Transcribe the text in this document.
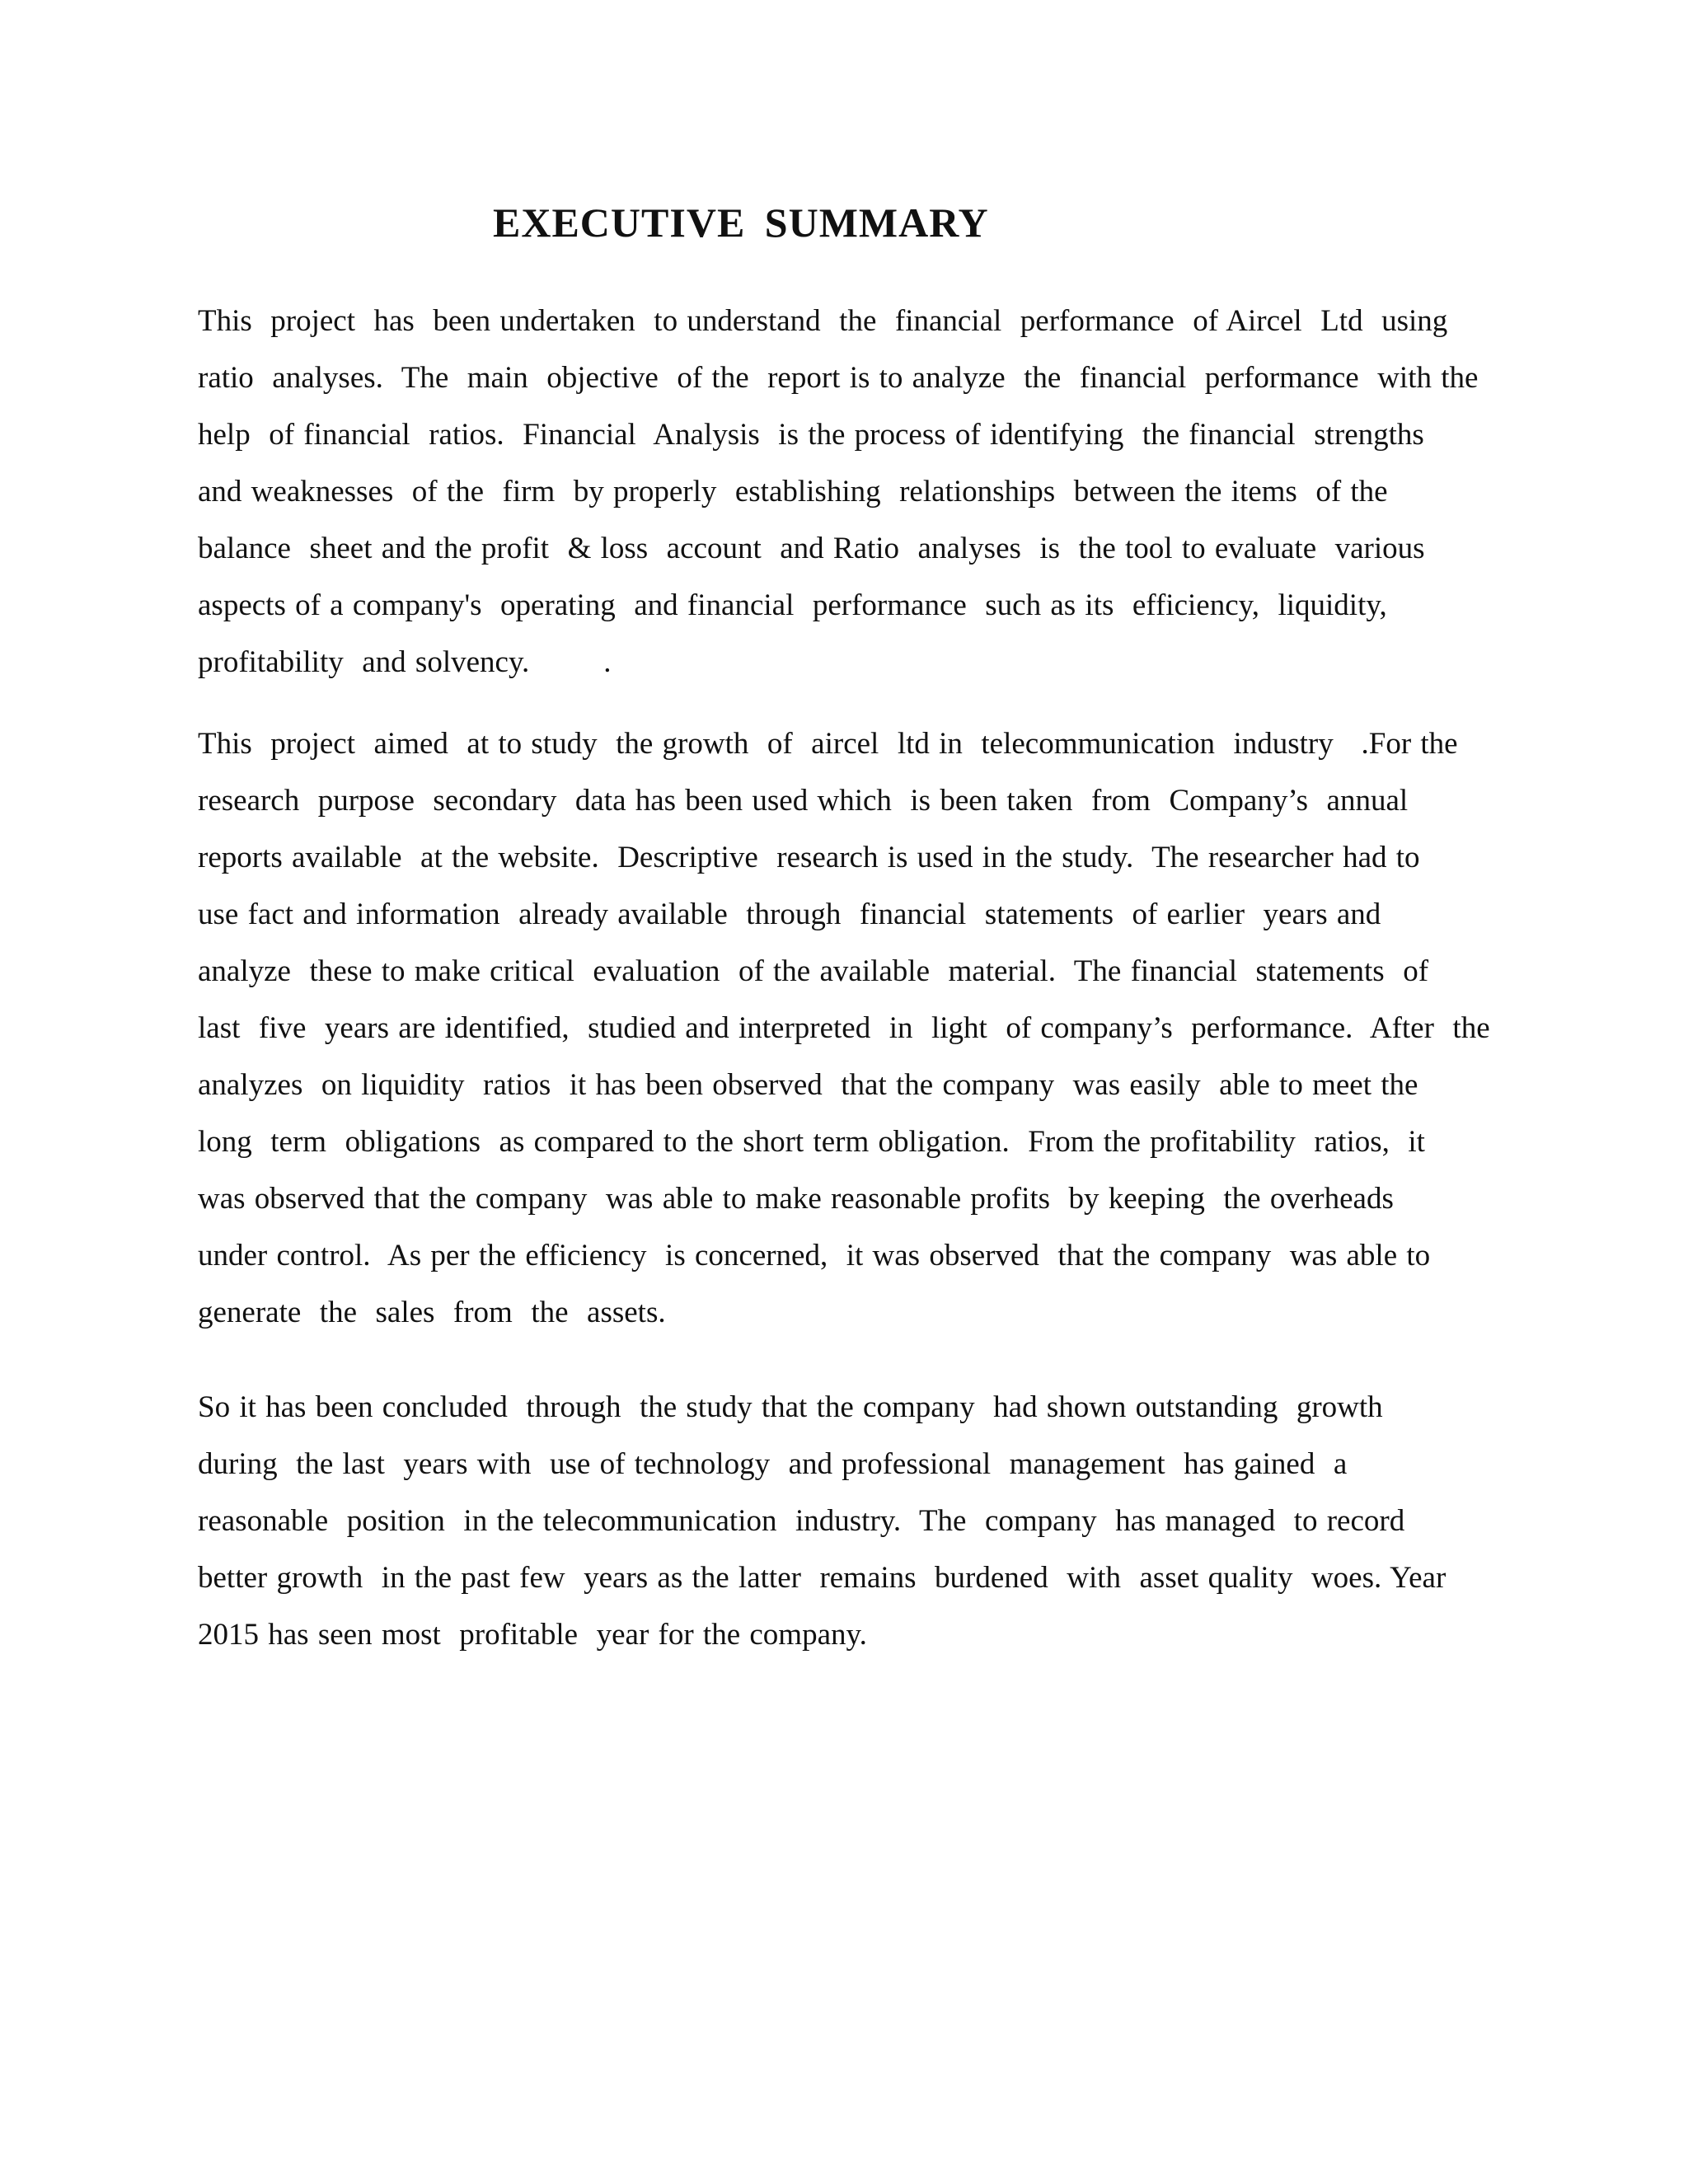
EXECUTIVE SUMMARY
This  project  has  been undertaken  to understand  the  financial  performance  of Aircel  Ltd  using
ratio  analyses.  The  main  objective  of the  report is to analyze  the  financial  performance  with the
help  of financial  ratios.  Financial  Analysis  is the process of identifying  the financial  strengths
and weaknesses  of the  firm  by properly  establishing  relationships  between the items  of the
balance  sheet and the profit  & loss  account  and Ratio  analyses  is  the tool to evaluate  various
aspects of a company's  operating  and financial  performance  such as its  efficiency,  liquidity,
profitability  and solvency.        .
This  project  aimed  at to study  the growth  of  aircel  ltd in  telecommunication  industry   .For the
research  purpose  secondary  data has been used which  is been taken  from  Company’s  annual
reports available  at the website.  Descriptive  research is used in the study.  The researcher had to
use fact and information  already available  through  financial  statements  of earlier  years and
analyze  these to make critical  evaluation  of the available  material.  The financial  statements  of
last  five  years are identified,  studied and interpreted  in  light  of company’s  performance.  After  the
analyzes  on liquidity  ratios  it has been observed  that the company  was easily  able to meet the
long  term  obligations  as compared to the short term obligation.  From the profitability  ratios,  it
was observed that the company  was able to make reasonable profits  by keeping  the overheads
under control.  As per the efficiency  is concerned,  it was observed  that the company  was able to
generate  the  sales  from  the  assets.
So it has been concluded  through  the study that the company  had shown outstanding  growth
during  the last  years with  use of technology  and professional  management  has gained  a
reasonable  position  in the telecommunication  industry.  The  company  has managed  to record
better growth  in the past few  years as the latter  remains  burdened  with  asset quality  woes. Year
2015 has seen most  profitable  year for the company.
